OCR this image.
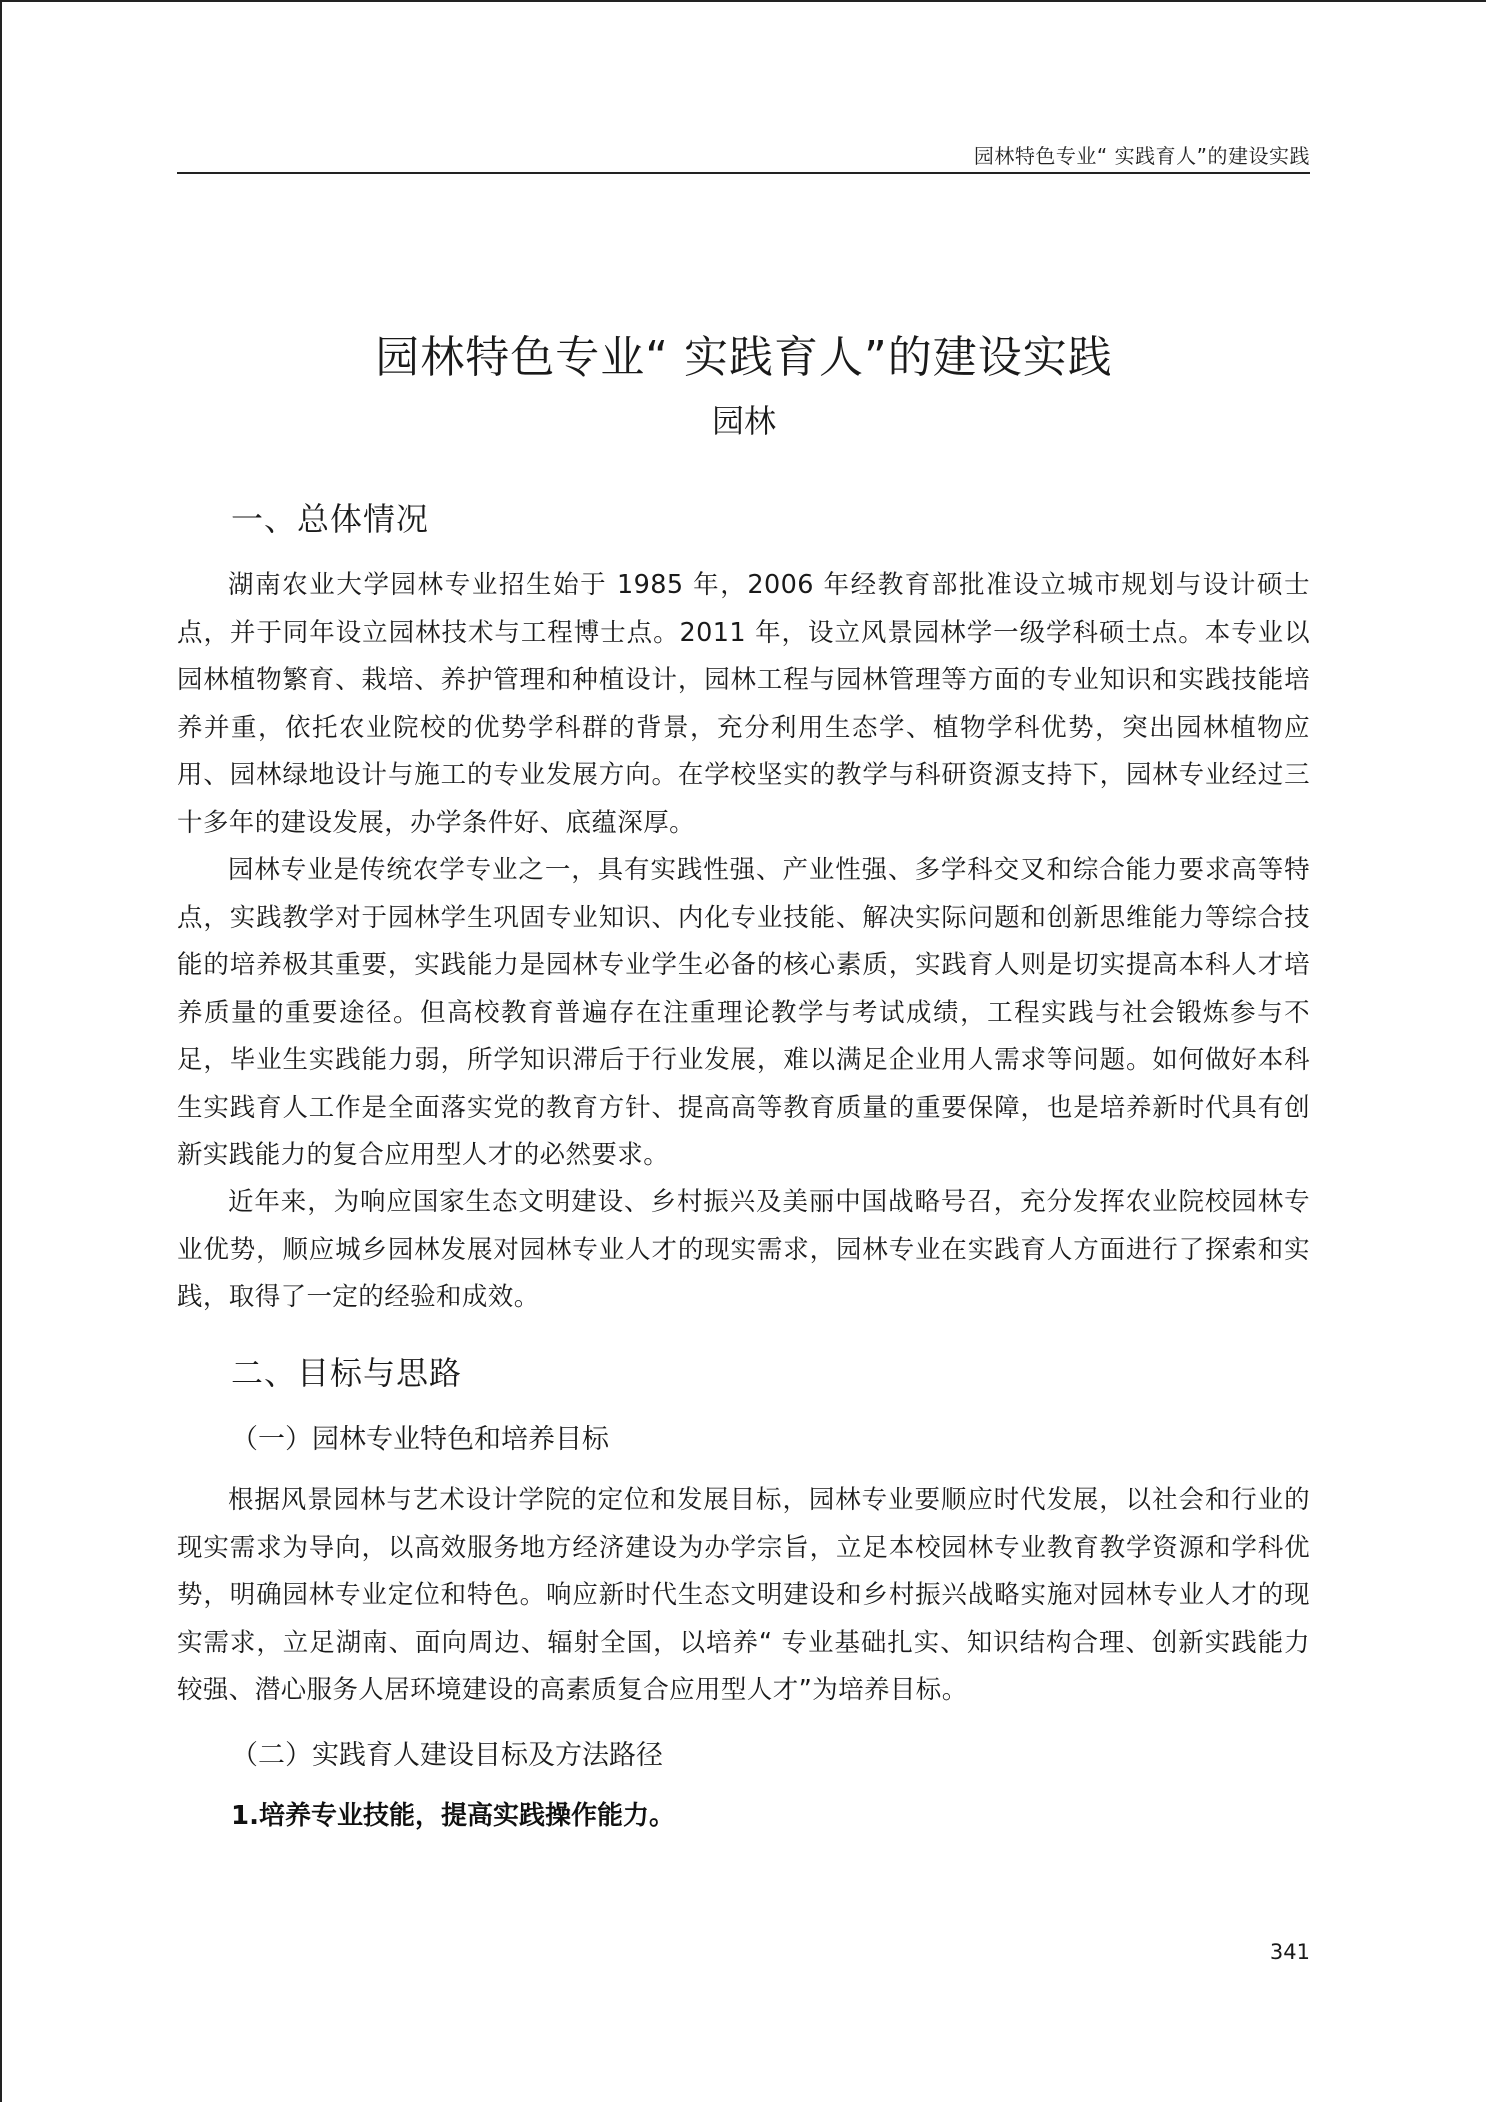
园林特色专业“ 实践育人”的建设实践
园林特色专业“ 实践育人”的建设实践
园林
一、总体情况

湖南农业大学园林专业招生始于 1985 年，2006 年经教育部批准设立城市规划与设计硕士点，并于同年设立园林技术与工程博士点。2011 年，设立风景园林学一级学科硕士点。本专业以园林植物繁育、栽培、养护管理和种植设计，园林工程与园林管理等方面的专业知识和实践技能培养并重，依托农业院校的优势学科群的背景，充分利用生态学、植物学科优势，突出园林植物应用、园林绿地设计与施工的专业发展方向。在学校坚实的教学与科研资源支持下，园林专业经过三十多年的建设发展，办学条件好、底蕴深厚。

园林专业是传统农学专业之一，具有实践性强、产业性强、多学科交叉和综合能力要求高等特点，实践教学对于园林学生巩固专业知识、内化专业技能、解决实际问题和创新思维能力等综合技能的培养极其重要，实践能力是园林专业学生必备的核心素质，实践育人则是切实提高本科人才培养质量的重要途径。但高校教育普遍存在注重理论教学与考试成绩，工程实践与社会锻炼参与不足，毕业生实践能力弱，所学知识滞后于行业发展，难以满足企业用人需求等问题。如何做好本科生实践育人工作是全面落实党的教育方针、提高高等教育质量的重要保障，也是培养新时代具有创新实践能力的复合应用型人才的必然要求。

近年来，为响应国家生态文明建设、乡村振兴及美丽中国战略号召，充分发挥农业院校园林专业优势，顺应城乡园林发展对园林专业人才的现实需求，园林专业在实践育人方面进行了探索和实践，取得了一定的经验和成效。

二、目标与思路
（一）园林专业特色和培养目标

根据风景园林与艺术设计学院的定位和发展目标，园林专业要顺应时代发展，以社会和行业的现实需求为导向，以高效服务地方经济建设为办学宗旨，立足本校园林专业教育教学资源和学科优势，明确园林专业定位和特色。响应新时代生态文明建设和乡村振兴战略实施对园林专业人才的现实需求，立足湖南、面向周边、辐射全国，以培养“ 专业基础扎实、知识结构合理、创新实践能力较强、潜心服务人居环境建设的高素质复合应用型人才”为培养目标。

（二）实践育人建设目标及方法路径

1.培养专业技能，提高实践操作能力。

341
